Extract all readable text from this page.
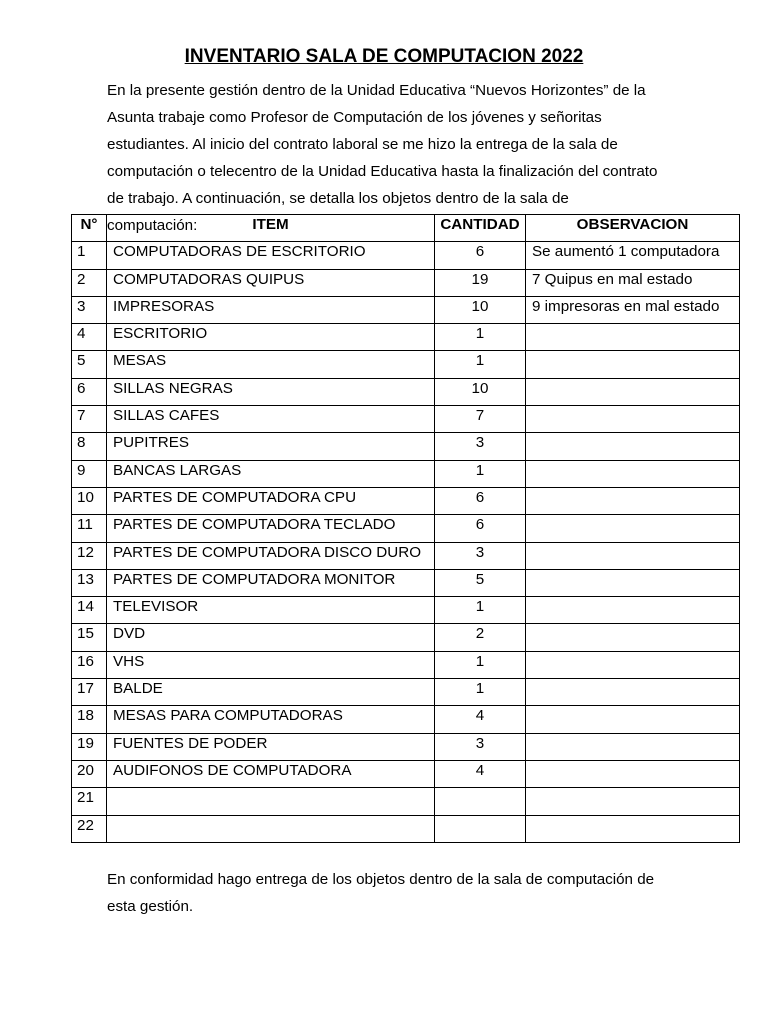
INVENTARIO SALA DE COMPUTACION 2022
En la presente gestión dentro de la Unidad Educativa “Nuevos Horizontes” de la
Asunta trabaje como Profesor de Computación de los jóvenes y señoritas
estudiantes. Al inicio del contrato laboral se me hizo la entrega de la sala de
computación o telecentro de la Unidad Educativa hasta la finalización del contrato
de trabajo. A continuación, se detalla los objetos dentro de la sala de computación:
N°	ITEM	CANTIDAD	OBSERVACION
1	COMPUTADORAS DE ESCRITORIO	6	Se aumentó 1 computadora
2	COMPUTADORAS QUIPUS	19	7 Quipus en mal estado
3	IMPRESORAS	10	9 impresoras en mal estado
4	ESCRITORIO	1	
5	MESAS	1	
6	SILLAS NEGRAS	10	
7	SILLAS CAFES	7	
8	PUPITRES	3	
9	BANCAS LARGAS	1	
10	PARTES DE COMPUTADORA CPU	6	
11	PARTES DE COMPUTADORA TECLADO	6	
12	PARTES DE COMPUTADORA DISCO DURO	3	
13	PARTES DE COMPUTADORA MONITOR	5	
14	TELEVISOR	1	
15	DVD	2	
16	VHS	1	
17	BALDE	1	
18	MESAS PARA COMPUTADORAS	4	
19	FUENTES DE PODER	3	
20	AUDIFONOS DE COMPUTADORA	4	
21			
22			
En conformidad hago entrega de los objetos dentro de la sala de computación de
esta gestión.
